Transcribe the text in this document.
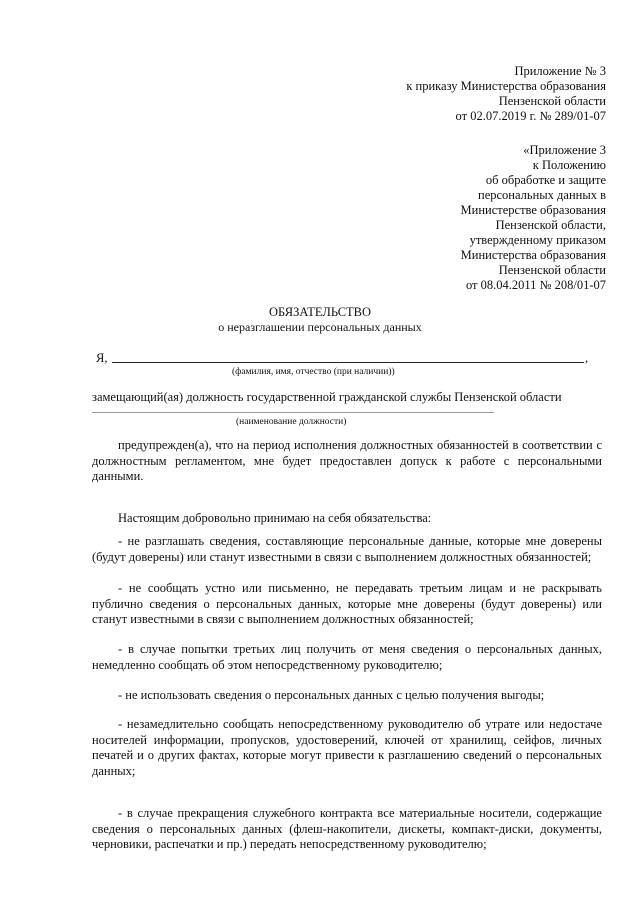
Приложение № 3
к приказу Министерства образования
Пензенской области
от 02.07.2019 г. № 289/01-07
«Приложение 3
к Положению
об обработке и защите
персональных данных в
Министерстве образования
Пензенской области,
утвержденному приказом
Министерства образования
Пензенской области
от 08.04.2011 № 208/01-07
ОБЯЗАТЕЛЬСТВО
о неразглашении персональных данных
Я,	,
(фамилия, имя, отчество (при наличии))
замещающий(ая) должность государственной гражданской службы Пензенской области
(наименование должности)

предупрежден(а), что на период исполнения должностных обязанностей в соответствии с должностным регламентом, мне будет предоставлен допуск к работе с персональными данными.

Настоящим добровольно принимаю на себя обязательства:

- не разглашать сведения, составляющие персональные данные, которые мне доверены (будут доверены) или станут известными в связи с выполнением должностных обязанностей;

- не сообщать устно или письменно, не передавать третьим лицам и не раскрывать публично сведения о персональных данных, которые мне доверены (будут доверены) или станут известными в связи с выполнением должностных обязанностей;

- в случае попытки третьих лиц получить от меня сведения о персональных данных, немедленно сообщать об этом непосредственному руководителю;

- не использовать сведения о персональных данных с целью получения выгоды;

- незамедлительно сообщать непосредственному руководителю об утрате или недостаче носителей информации, пропусков, удостоверений, ключей от хранилищ, сейфов, личных печатей и о других фактах, которые могут привести к разглашению сведений о персональных данных;

- в случае прекращения служебного контракта все материальные носители, содержащие сведения о персональных данных (флеш-накопители, дискеты, компакт-диски, документы, черновики, распечатки и пр.) передать непосредственному руководителю;
